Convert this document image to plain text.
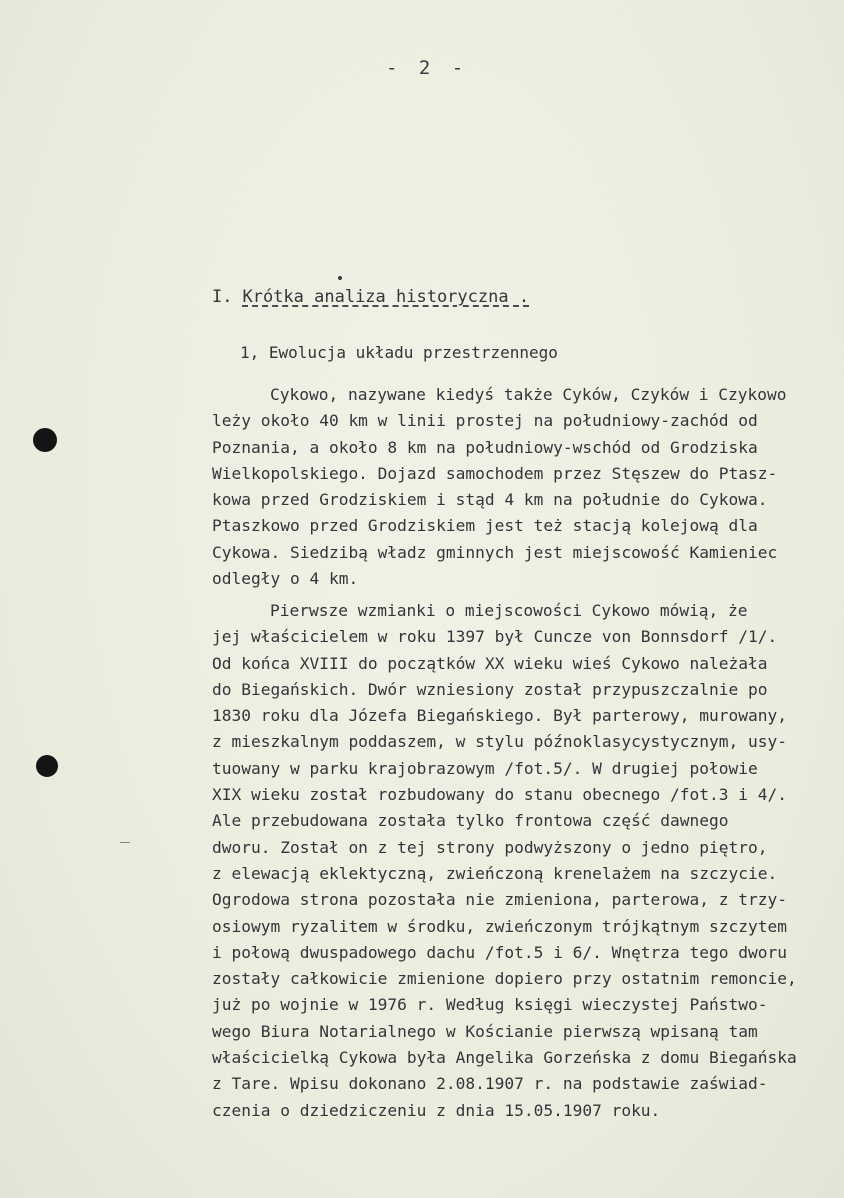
- 2 -
I. Krótka analiza historyczna .
1, Ewolucja układu przestrzennego
Cykowo, nazywane kiedyś także Cyków, Czyków i Czykowo
leży około 40 km w linii prostej na południowy-zachód od
Poznania, a około 8 km na południowy-wschód od Grodziska
Wielkopolskiego. Dojazd samochodem przez Stęszew do Ptasz-
kowa przed Grodziskiem i stąd 4 km na południe do Cykowa.
Ptaszkowo przed Grodziskiem jest też stacją kolejową dla
Cykowa. Siedzibą władz gminnych jest miejscowość Kamieniec
odległy o 4 km.
Pierwsze wzmianki o miejscowości Cykowo mówią, że
jej właścicielem w roku 1397 był Cuncze von Bonnsdorf /1/.
Od końca XVIII do początków XX wieku wieś Cykowo należała
do Biegańskich. Dwór wzniesiony został przypuszczalnie po
1830 roku dla Józefa Biegańskiego. Był parterowy, murowany,
z mieszkalnym poddaszem, w stylu późnoklasycystycznym, usy-
tuowany w parku krajobrazowym /fot.5/. W drugiej połowie
XIX wieku został rozbudowany do stanu obecnego /fot.3 i 4/.
Ale przebudowana została tylko frontowa część dawnego
dworu. Został on z tej strony podwyższony o jedno piętro,
z elewacją eklektyczną, zwieńczoną krenelażem na szczycie.
Ogrodowa strona pozostała nie zmieniona, parterowa, z trzy-
osiowym ryzalitem w środku, zwieńczonym trójkątnym szczytem
i połową dwuspadowego dachu /fot.5 i 6/. Wnętrza tego dworu
zostały całkowicie zmienione dopiero przy ostatnim remoncie,
już po wojnie w 1976 r. Według księgi wieczystej Państwo-
wego Biura Notarialnego w Kościanie pierwszą wpisaną tam
właścicielką Cykowa była Angelika Gorzeńska z domu Biegańska
z Tare. Wpisu dokonano 2.08.1907 r. na podstawie zaświad-
czenia o dziedziczeniu z dnia 15.05.1907 roku.
